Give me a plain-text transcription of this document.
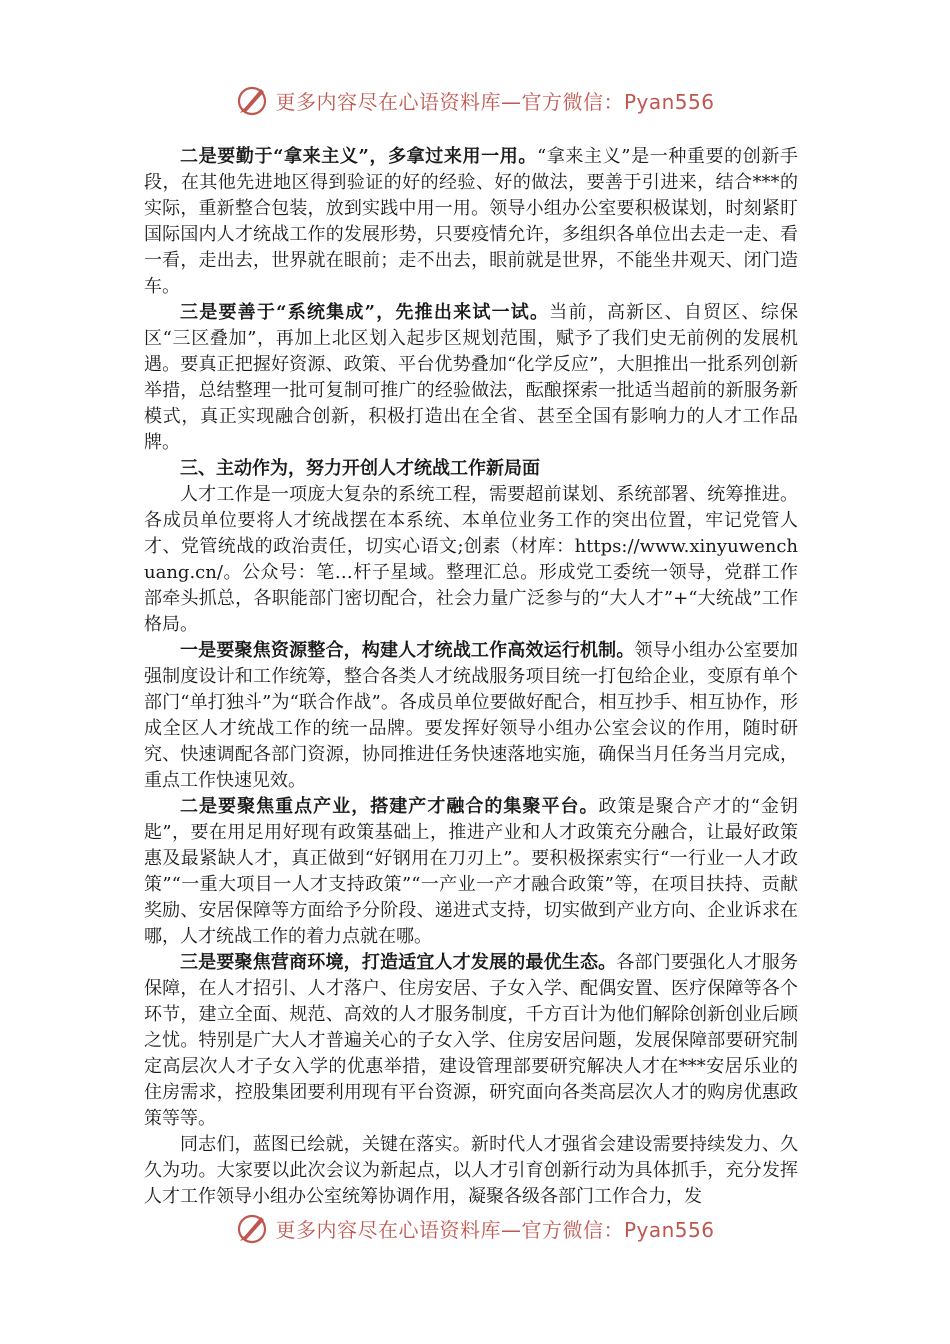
更多内容尽在心语资料库—官方微信：Pyan556

二是要勤于“拿来主义”，多拿过来用一用。“拿来主义”是一种重要的创新手段，在其他先进地区得到验证的好的经验、好的做法，要善于引进来，结合***的实际，重新整合包装，放到实践中用一用。领导小组办公室要积极谋划，时刻紧盯国际国内人才统战工作的发展形势，只要疫情允许，多组织各单位出去走一走、看一看，走出去，世界就在眼前；走不出去，眼前就是世界，不能坐井观天、闭门造车。

三是要善于“系统集成”，先推出来试一试。当前，高新区、自贸区、综保区“三区叠加”，再加上北区划入起步区规划范围，赋予了我们史无前例的发展机遇。要真正把握好资源、政策、平台优势叠加“化学反应”，大胆推出一批系列创新举措，总结整理一批可复制可推广的经验做法，酝酿探索一批适当超前的新服务新模式，真正实现融合创新，积极打造出在全省、甚至全国有影响力的人才工作品牌。

三、主动作为，努力开创人才统战工作新局面

人才工作是一项庞大复杂的系统工程，需要超前谋划、系统部署、统筹推进。各成员单位要将人才统战摆在本系统、本单位业务工作的突出位置，牢记党管人才、党管统战的政治责任，切实心语文;创素（材库：https://www.xinyuwenchuang.cn/。公众号：笔…杆子星域。整理汇总。形成党工委统一领导，党群工作部牵头抓总，各职能部门密切配合，社会力量广泛参与的“大人才”+“大统战”工作格局。

一是要聚焦资源整合，构建人才统战工作高效运行机制。领导小组办公室要加强制度设计和工作统筹，整合各类人才统战服务项目统一打包给企业，变原有单个部门“单打独斗”为“联合作战”。各成员单位要做好配合，相互抄手、相互协作，形成全区人才统战工作的统一品牌。要发挥好领导小组办公室会议的作用，随时研究、快速调配各部门资源，协同推进任务快速落地实施，确保当月任务当月完成，重点工作快速见效。

二是要聚焦重点产业，搭建产才融合的集聚平台。政策是聚合产才的“金钥匙”，要在用足用好现有政策基础上，推进产业和人才政策充分融合，让最好政策惠及最紧缺人才，真正做到“好钢用在刀刃上”。要积极探索实行“一行业一人才政策”“一重大项目一人才支持政策”“一产业一产才融合政策”等，在项目扶持、贡献奖励、安居保障等方面给予分阶段、递进式支持，切实做到产业方向、企业诉求在哪，人才统战工作的着力点就在哪。

三是要聚焦营商环境，打造适宜人才发展的最优生态。各部门要强化人才服务保障，在人才招引、人才落户、住房安居、子女入学、配偶安置、医疗保障等各个环节，建立全面、规范、高效的人才服务制度，千方百计为他们解除创新创业后顾之忧。特别是广大人才普遍关心的子女入学、住房安居问题，发展保障部要研究制定高层次人才子女入学的优惠举措，建设管理部要研究解决人才在***安居乐业的住房需求，控股集团要利用现有平台资源，研究面向各类高层次人才的购房优惠政策等等。

同志们，蓝图已绘就，关键在落实。新时代人才强省会建设需要持续发力、久久为功。大家要以此次会议为新起点，以人才引育创新行动为具体抓手，充分发挥人才工作领导小组办公室统筹协调作用，凝聚各级各部门工作合力，发

更多内容尽在心语资料库—官方微信：Pyan556
